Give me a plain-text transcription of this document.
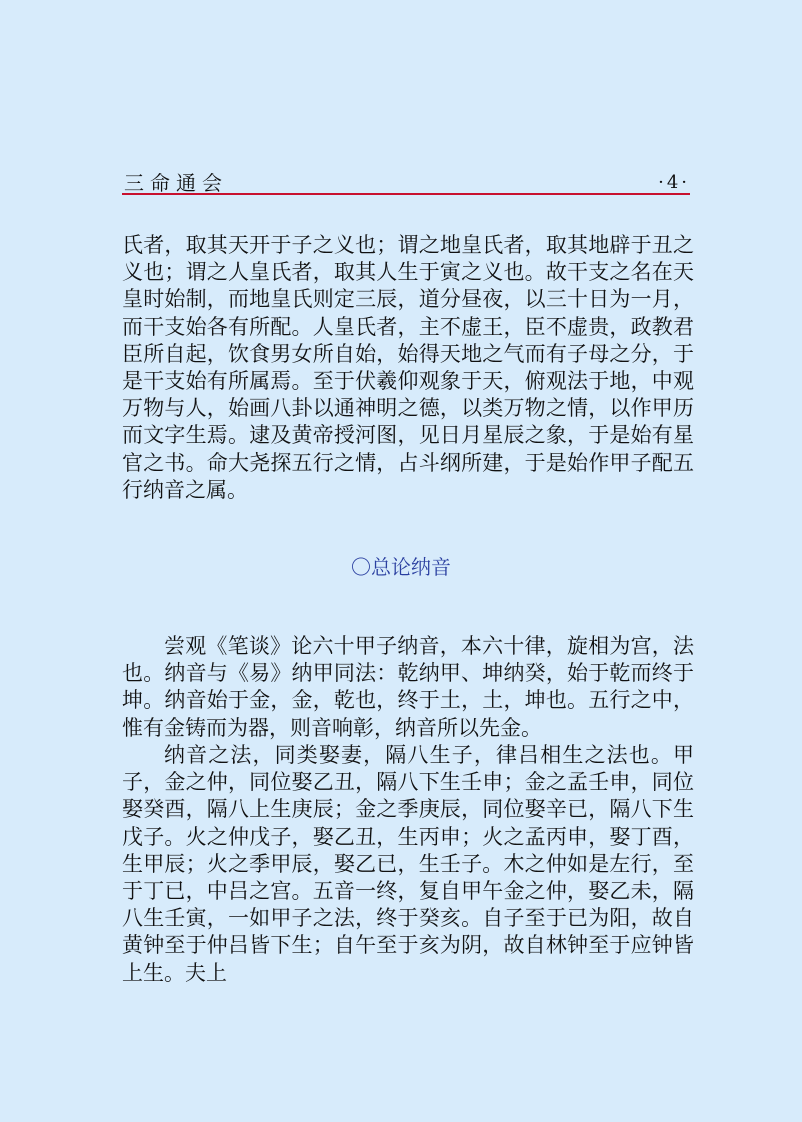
三命通会	·4·

氏者，取其天开于子之义也；谓之地皇氏者，取其地辟于丑之义也；谓之人皇氏者，取其人生于寅之义也。故干支之名在天皇时始制，而地皇氏则定三辰，道分昼夜，以三十日为一月，而干支始各有所配。人皇氏者，主不虚王，臣不虚贵，政教君臣所自起，饮食男女所自始，始得天地之气而有子母之分，于是干支始有所属焉。至于伏羲仰观象于天，俯观法于地，中观万物与人，始画八卦以通神明之德，以类万物之情，以作甲历而文字生焉。逮及黄帝授河图，见日月星辰之象，于是始有星官之书。命大尧探五行之情，占斗纲所建，于是始作甲子配五行纳音之属。

〇总论纳音

尝观《笔谈》论六十甲子纳音，本六十律，旋相为宫，法也。纳音与《易》纳甲同法：乾纳甲、坤纳癸，始于乾而终于坤。纳音始于金，金，乾也，终于土，土，坤也。五行之中，惟有金铸而为器，则音响彰，纳音所以先金。

纳音之法，同类娶妻，隔八生子，律吕相生之法也。甲子，金之仲，同位娶乙丑，隔八下生壬申；金之孟壬申，同位娶癸酉，隔八上生庚辰；金之季庚辰，同位娶辛已，隔八下生戊子。火之仲戊子，娶乙丑，生丙申；火之孟丙申，娶丁酉，生甲辰；火之季甲辰，娶乙已，生壬子。木之仲如是左行，至于丁已，中吕之宫。五音一终，复自甲午金之仲，娶乙未，隔八生壬寅，一如甲子之法，终于癸亥。自子至于已为阳，故自黄钟至于仲吕皆下生；自午至于亥为阴，故自林钟至于应钟皆上生。夫上
